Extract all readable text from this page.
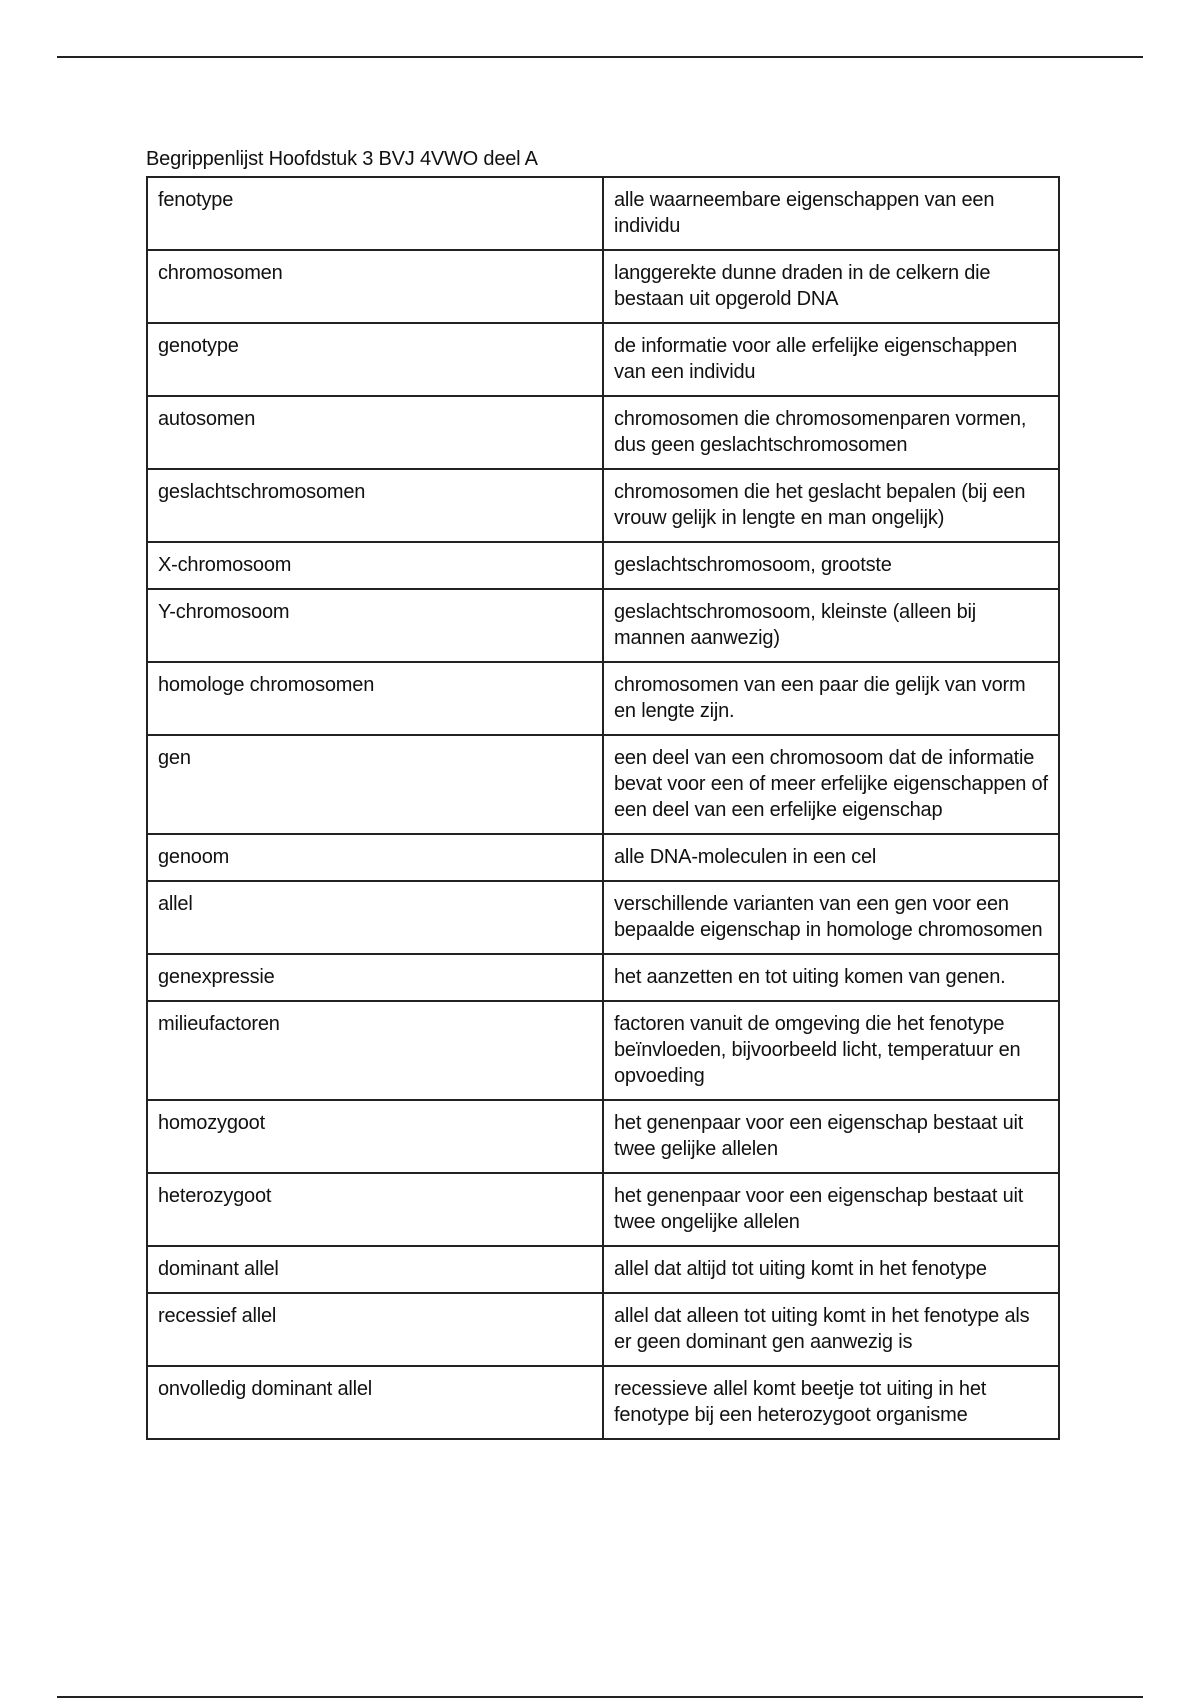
Begrippenlijst Hoofdstuk 3 BVJ 4VWO deel A
fenotype	alle waarneembare eigenschappen van een individu
chromosomen	langgerekte dunne draden in de celkern die bestaan uit opgerold DNA
genotype	de informatie voor alle erfelijke eigenschappen van een individu
autosomen	chromosomen die chromosomenparen vormen, dus geen geslachtschromosomen
geslachtschromosomen	chromosomen die het geslacht bepalen (bij een vrouw gelijk in lengte en man ongelijk)
X-chromosoom	geslachtschromosoom, grootste
Y-chromosoom	geslachtschromosoom, kleinste (alleen bij mannen aanwezig)
homologe chromosomen	chromosomen van een paar die gelijk van vorm en lengte zijn.
gen	een deel van een chromosoom dat de informatie bevat voor een of meer erfelijke eigenschappen of een deel van een erfelijke eigenschap
genoom	alle DNA-moleculen in een cel
allel	verschillende varianten van een gen voor een bepaalde eigenschap in homologe chromosomen
genexpressie	het aanzetten en tot uiting komen van genen.
milieufactoren	factoren vanuit de omgeving die het fenotype beïnvloeden, bijvoorbeeld licht, temperatuur en opvoeding
homozygoot	het genenpaar voor een eigenschap bestaat uit twee gelijke allelen
heterozygoot	het genenpaar voor een eigenschap bestaat uit twee ongelijke allelen
dominant allel	allel dat altijd tot uiting komt in het fenotype
recessief allel	allel dat alleen tot uiting komt in het fenotype als er geen dominant gen aanwezig is
onvolledig dominant allel	recessieve allel komt beetje tot uiting in het fenotype bij een heterozygoot organisme
